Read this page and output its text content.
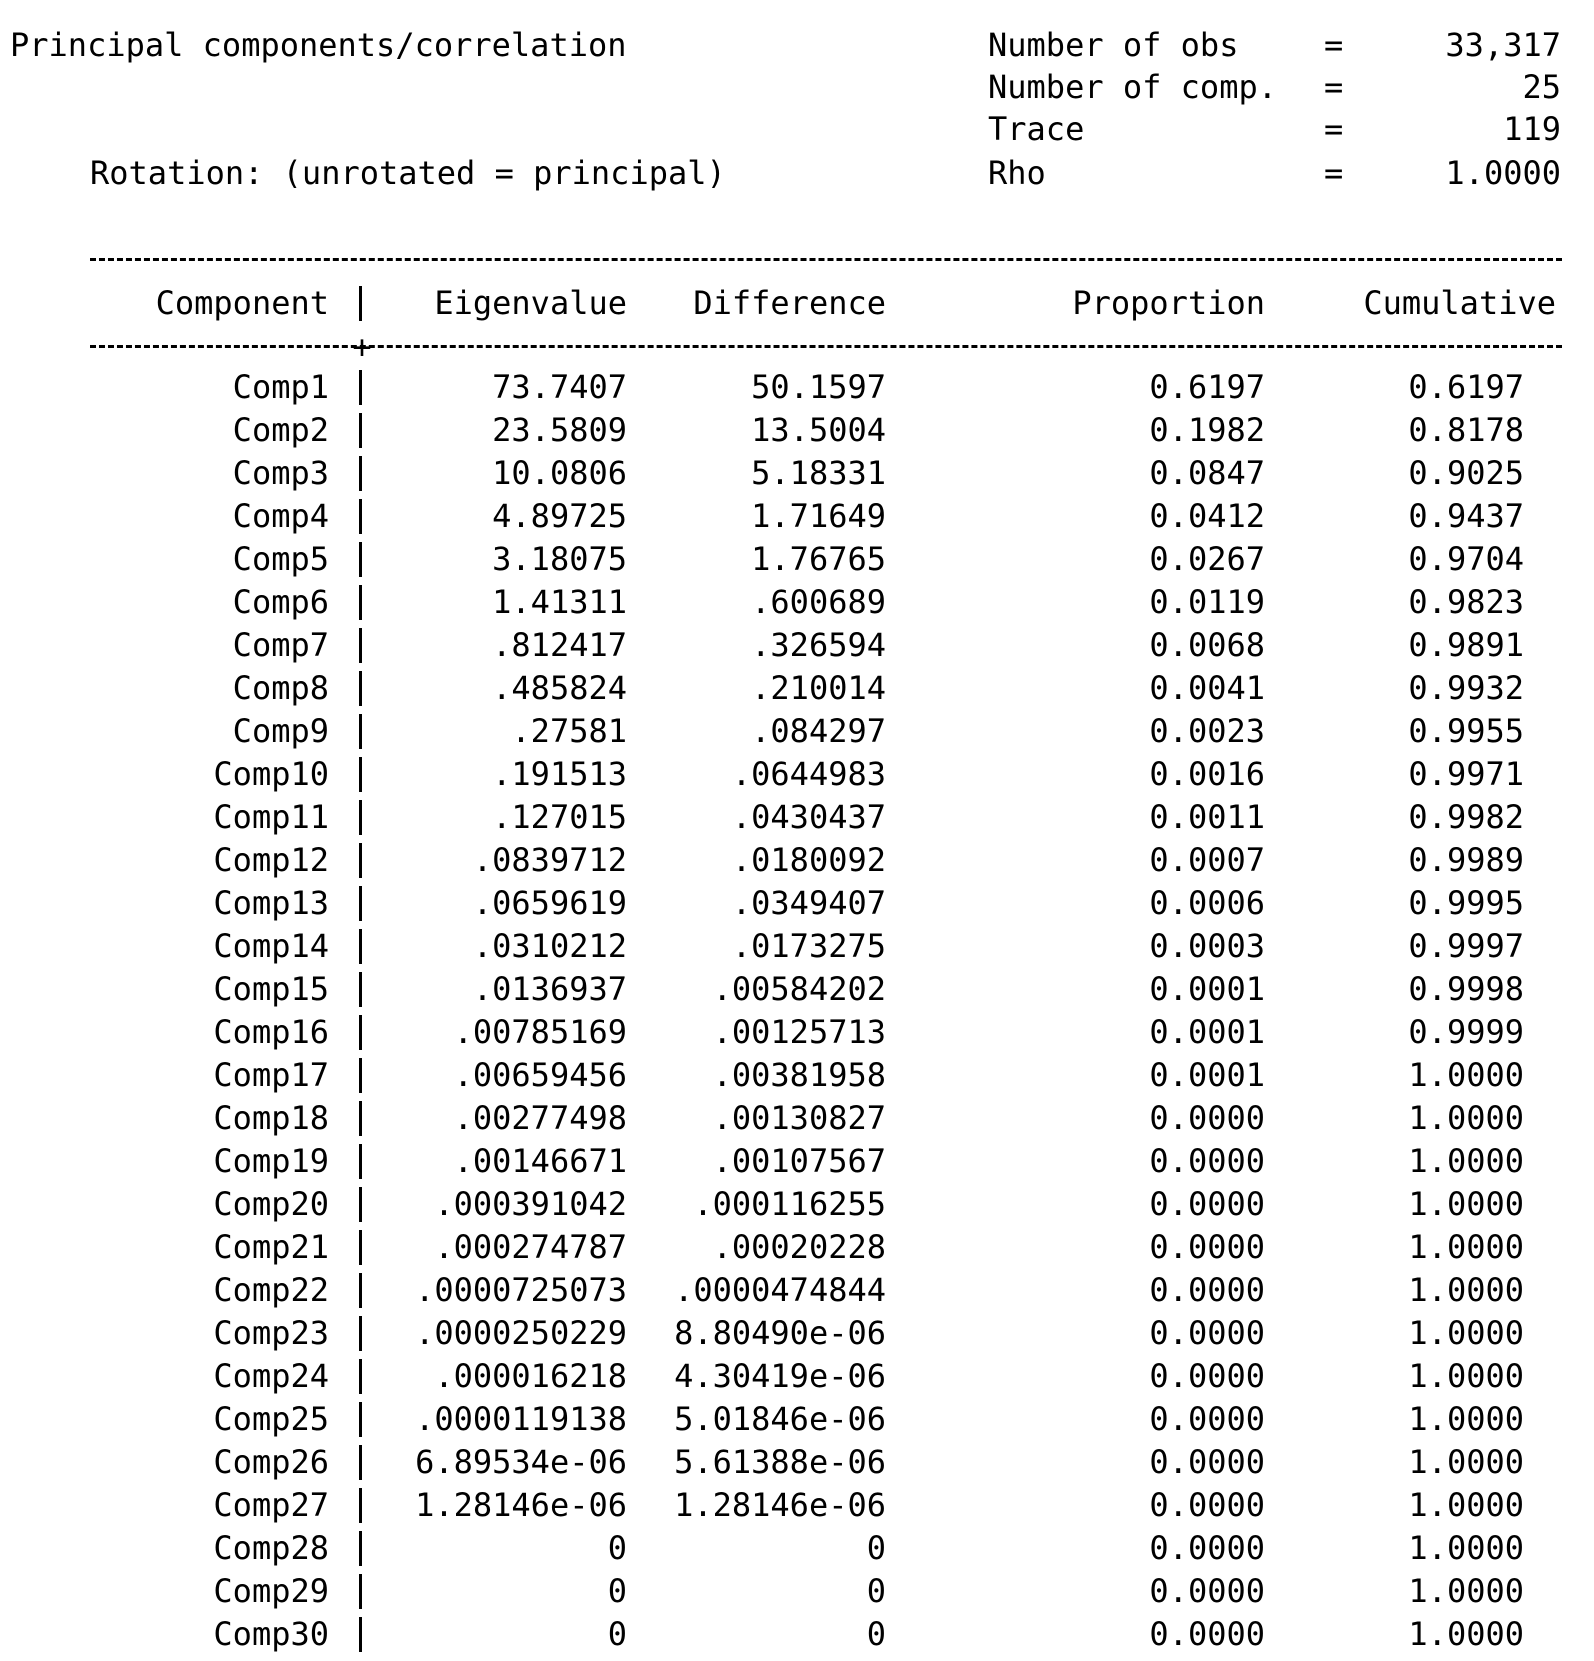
Principal components/correlation
Rotation: (unrotated = principal)
Number of obs	=	33,317
Number of comp. =	25
Trace	=	119
Rho	=	1.0000
+
Component	Eigenvalue Difference	Proportion	Cumulative
Comp1	73.7407	50.1597	0.6197	0.6197
Comp2	23.5809	13.5004	0.1982	0.8178
Comp3	10.0806	5.18331	0.0847	0.9025
Comp4	4.89725	1.71649	0.0412	0.9437
Comp5	3.18075	1.76765	0.0267	0.9704
Comp6	1.41311	.600689	0.0119	0.9823
Comp7	.812417	.326594	0.0068	0.9891
Comp8	.485824	.210014	0.0041	0.9932
Comp9	.27581	.084297	0.0023	0.9955
Comp10	.191513	.0644983	0.0016	0.9971
Comp11	.127015	.0430437	0.0011	0.9982
Comp12	.0839712	.0180092	0.0007	0.9989
Comp13	.0659619	.0349407	0.0006	0.9995
Comp14	.0310212	.0173275	0.0003	0.9997
Comp15	.0136937	.00584202	0.0001	0.9998
Comp16	.00785169	.00125713	0.0001	0.9999
Comp17	.00659456	.00381958	0.0001	1.0000
Comp18	.00277498	.00130827	0.0000	1.0000
Comp19	.00146671	.00107567	0.0000	1.0000
Comp20	.000391042 .000116255	0.0000	1.0000
Comp21	.000274787	.00020228	0.0000	1.0000
Comp22	.0000725073 .0000474844	0.0000	1.0000
Comp23	.0000250229 8.80490e-06	0.0000	1.0000
Comp24	.000016218 4.30419e-06	0.0000	1.0000
Comp25	.0000119138 5.01846e-06	0.0000	1.0000
Comp26	6.89534e-06 5.61388e-06	0.0000	1.0000
Comp27	1.28146e-06 1.28146e-06	0.0000	1.0000
Comp28	0	0	0.0000	1.0000
Comp29	0	0	0.0000	1.0000
Comp30	0	0	0.0000	1.0000
